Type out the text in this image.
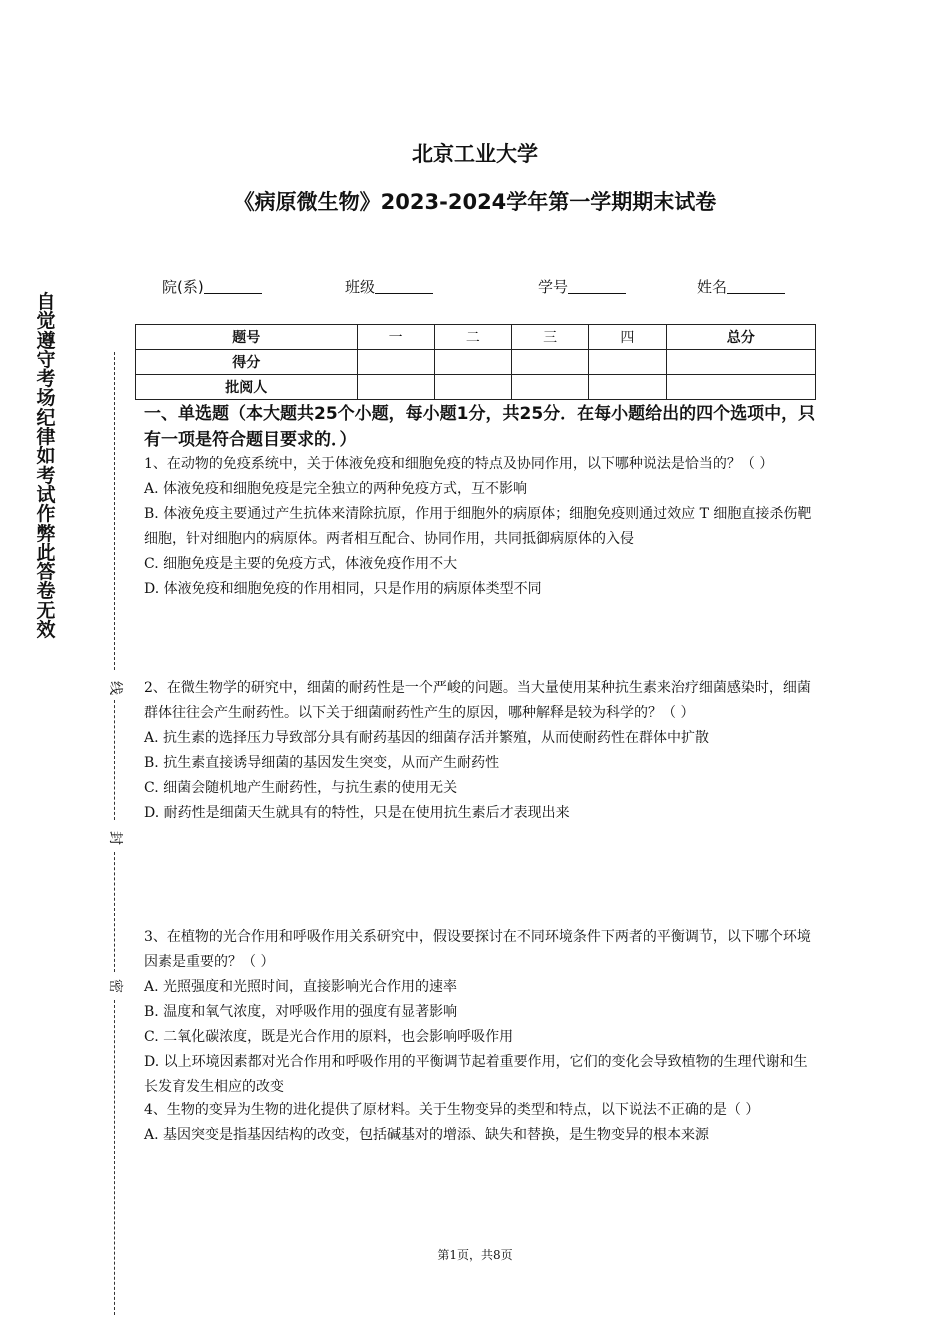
自
觉
遵
守
考
场
纪
律
如
考
试
作
弊
此
答
卷
无
效
线
封
密
北京工业大学
《病原微生物》2023-2024学年第一学期期末试卷
院(系)	班级	学号	姓名
题号	一	二	三	四	总分
得分					
批阅人					
一、单选题（本大题共25个小题，每小题1分，共25分．在每小题给出的四个选项中，只有一项是符合题目要求的．）

1、在动物的免疫系统中，关于体液免疫和细胞免疫的特点及协同作用，以下哪种说法是恰当的？（ ）

A. 体液免疫和细胞免疫是完全独立的两种免疫方式，互不影响

B. 体液免疫主要通过产生抗体来清除抗原，作用于细胞外的病原体；细胞免疫则通过效应 T 细胞直接杀伤靶细胞，针对细胞内的病原体。两者相互配合、协同作用，共同抵御病原体的入侵

C. 细胞免疫是主要的免疫方式，体液免疫作用不大

D. 体液免疫和细胞免疫的作用相同，只是作用的病原体类型不同

2、在微生物学的研究中，细菌的耐药性是一个严峻的问题。当大量使用某种抗生素来治疗细菌感染时，细菌群体往往会产生耐药性。以下关于细菌耐药性产生的原因，哪种解释是较为科学的？（ ）

A. 抗生素的选择压力导致部分具有耐药基因的细菌存活并繁殖，从而使耐药性在群体中扩散

B. 抗生素直接诱导细菌的基因发生突变，从而产生耐药性

C. 细菌会随机地产生耐药性，与抗生素的使用无关

D. 耐药性是细菌天生就具有的特性，只是在使用抗生素后才表现出来

3、在植物的光合作用和呼吸作用关系研究中，假设要探讨在不同环境条件下两者的平衡调节，以下哪个环境因素是重要的？（ ）

A. 光照强度和光照时间，直接影响光合作用的速率

B. 温度和氧气浓度，对呼吸作用的强度有显著影响

C. 二氧化碳浓度，既是光合作用的原料，也会影响呼吸作用

D. 以上环境因素都对光合作用和呼吸作用的平衡调节起着重要作用，它们的变化会导致植物的生理代谢和生长发育发生相应的改变

4、生物的变异为生物的进化提供了原材料。关于生物变异的类型和特点，以下说法不正确的是（ ）

A. 基因突变是指基因结构的改变，包括碱基对的增添、缺失和替换，是生物变异的根本来源

第1页，共8页
